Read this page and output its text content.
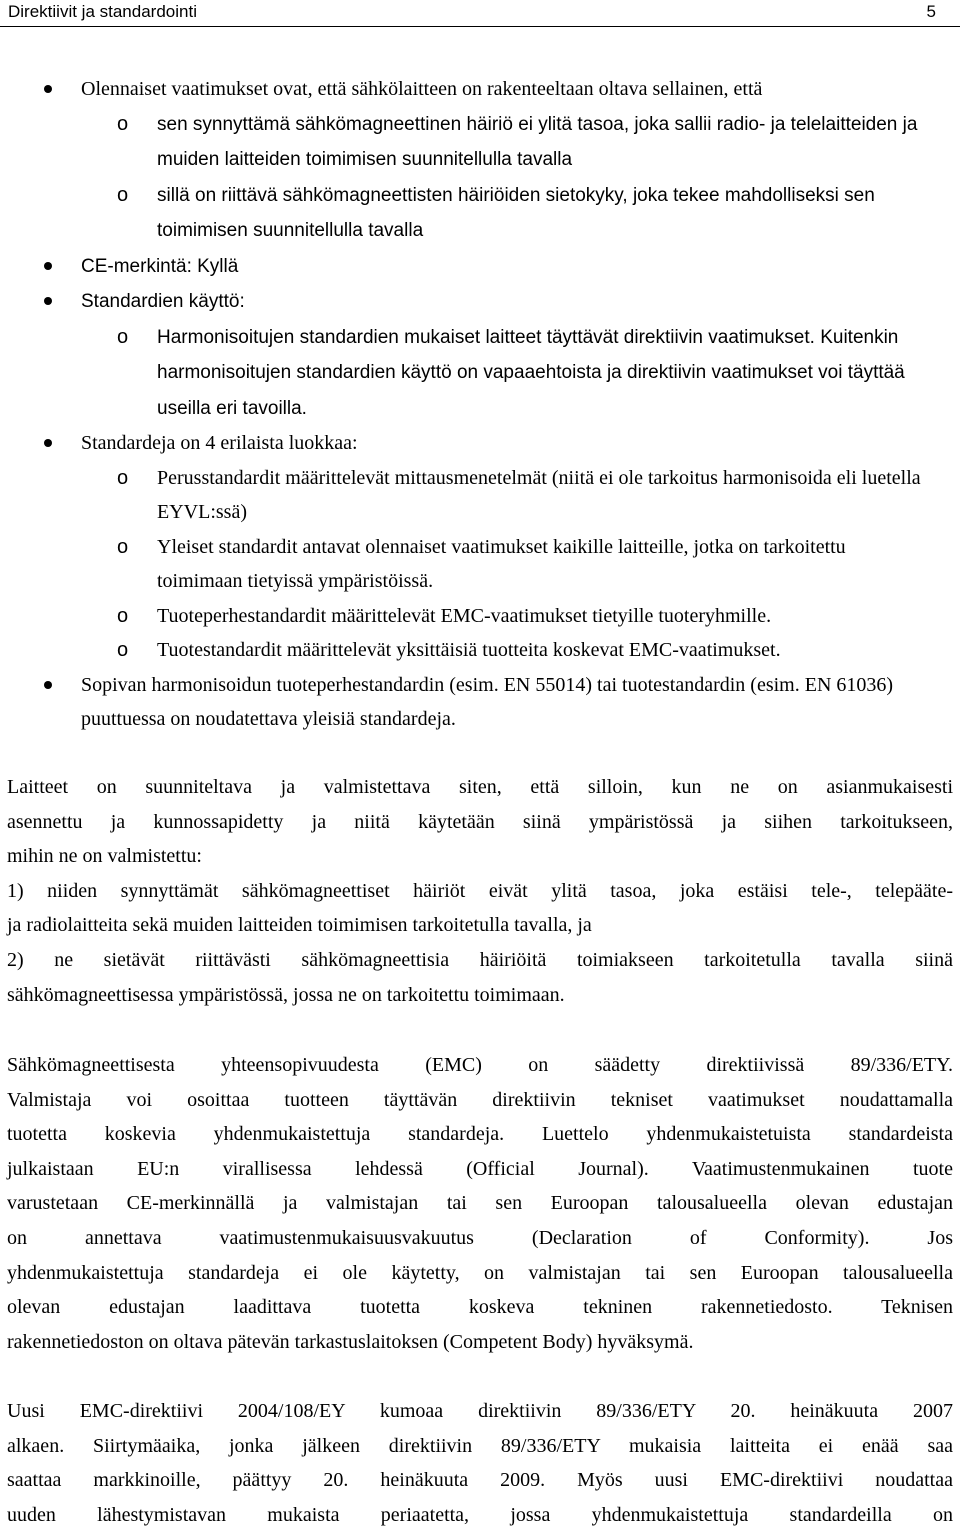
Direktiivit ja standardointi	5
Olennaiset vaatimukset ovat, että sähkölaitteen on rakenteeltaan oltava sellainen, että
o sen synnyttämä sähkömagneettinen häiriö ei ylitä tasoa, joka sallii radio- ja telelaitteiden ja muiden laitteiden toimimisen suunnitellulla tavalla
o sillä on riittävä sähkömagneettisten häiriöiden sietokyky, joka tekee mahdolliseksi sen toimimisen suunnitellulla tavalla
CE-merkintä: Kyllä
Standardien käyttö:
o Harmonisoitujen standardien mukaiset laitteet täyttävät direktiivin vaatimukset. Kuitenkin harmonisoitujen standardien käyttö on vapaaehtoista ja direktiivin vaatimukset voi täyttää useilla eri tavoilla.
Standardeja on 4 erilaista luokkaa:
o Perusstandardit määrittelevät mittausmenetelmät (niitä ei ole tarkoitus harmonisoida eli luetella EYVL:ssä)
o Yleiset standardit antavat olennaiset vaatimukset kaikille laitteille, jotka on tarkoitettu toimimaan tietyissä ympäristöissä.
o Tuoteperhestandardit määrittelevät EMC-vaatimukset tietyille tuoteryhmille.
o Tuotestandardit määrittelevät yksittäisiä tuotteita koskevat EMC-vaatimukset.
Sopivan harmonisoidun tuoteperhestandardin (esim. EN 55014) tai tuotestandardin (esim. EN 61036) puuttuessa on noudatettava yleisiä standardeja.
Laitteet on suunniteltava ja valmistettava siten, että silloin, kun ne on asianmukaisesti
asennettu ja kunnossapidetty ja niitä käytetään siinä ympäristössä ja siihen tarkoitukseen,
mihin ne on valmistettu:
1) niiden synnyttämät sähkömagneettiset häiriöt eivät ylitä tasoa, joka estäisi tele-, telepääte-
ja radiolaitteita sekä muiden laitteiden toimimisen tarkoitetulla tavalla, ja
2) ne sietävät riittävästi sähkömagneettisia häiriöitä toimiakseen tarkoitetulla tavalla siinä
sähkömagneettisessa ympäristössä, jossa ne on tarkoitettu toimimaan.
Sähkömagneettisesta yhteensopivuudesta (EMC) on säädetty direktiivissä 89/336/ETY.
Valmistaja voi osoittaa tuotteen täyttävän direktiivin tekniset vaatimukset noudattamalla
tuotetta koskevia yhdenmukaistettuja standardeja. Luettelo yhdenmukaistetuista standardeista
julkaistaan EU:n virallisessa lehdessä (Official Journal). Vaatimustenmukainen tuote
varustetaan CE-merkinnällä ja valmistajan tai sen Euroopan talousalueella olevan edustajan
on annettava vaatimustenmukaisuusvakuutus (Declaration of Conformity). Jos
yhdenmukaistettuja standardeja ei ole käytetty, on valmistajan tai sen Euroopan talousalueella
olevan edustajan laadittava tuotetta koskeva tekninen rakennetiedosto. Teknisen
rakennetiedoston on oltava pätevän tarkastuslaitoksen (Competent Body) hyväksymä.
Uusi EMC-direktiivi 2004/108/EY kumoaa direktiivin 89/336/ETY 20. heinäkuuta 2007
alkaen. Siirtymäaika, jonka jälkeen direktiivin 89/336/ETY mukaisia laitteita ei enää saa
saattaa markkinoille, päättyy 20. heinäkuuta 2009. Myös uusi EMC-direktiivi noudattaa
uuden lähestymistavan mukaista periaatetta, jossa yhdenmukaistettuja standardeilla on
